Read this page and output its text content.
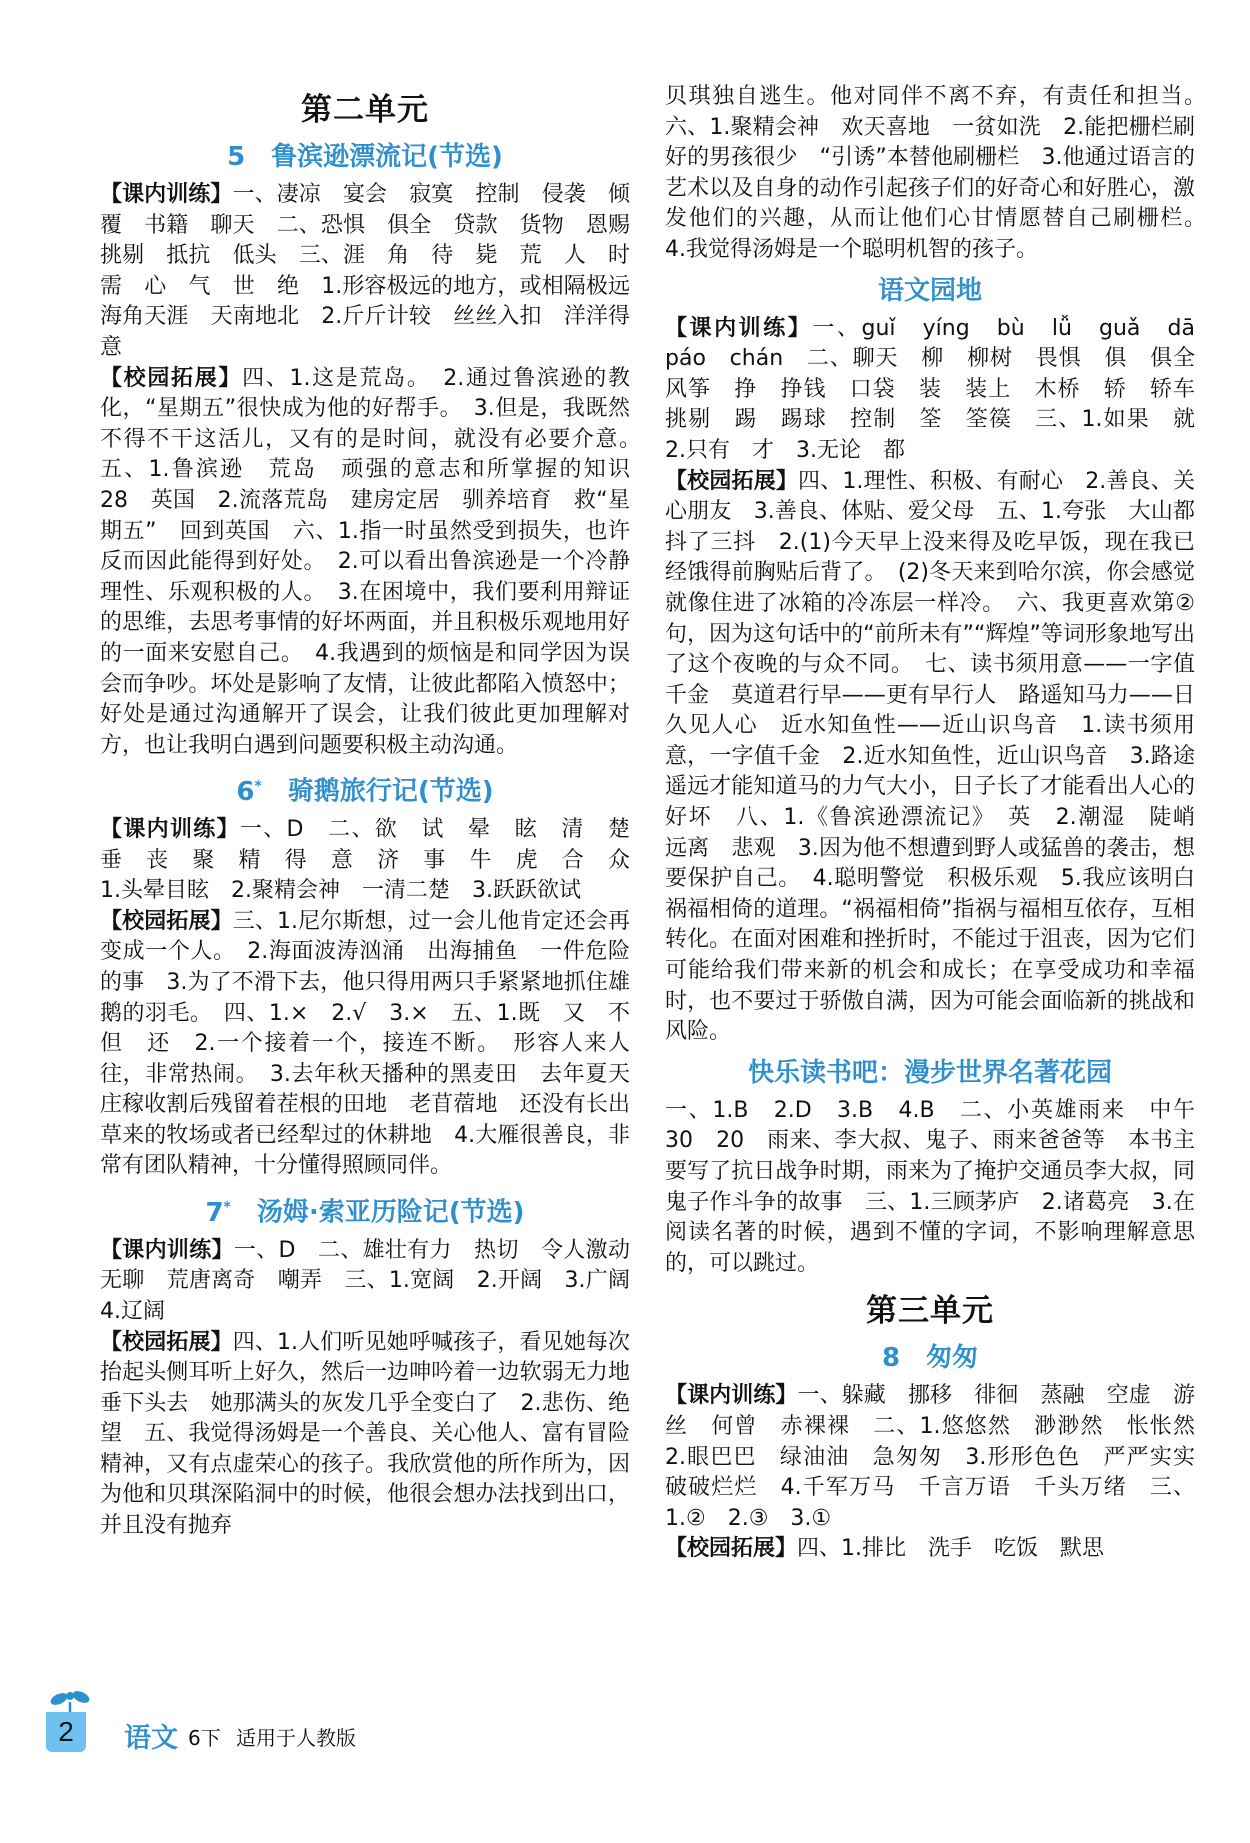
第二单元
5 鲁滨逊漂流记(节选)

【课内训练】一、凄凉　宴会　寂寞　控制　侵袭　倾覆　书籍　聊天　二、恐惧　俱全　贷款　货物　恩赐　挑剔　抵抗　低头　三、涯　角　待　毙　荒　人　时　需　心　气　世　绝　1.形容极远的地方，或相隔极远　海角天涯　天南地北　2.斤斤计较　丝丝入扣　洋洋得意

【校园拓展】四、1.这是荒岛。　2.通过鲁滨逊的教化，“星期五”很快成为他的好帮手。　3.但是，我既然不得不干这活儿，又有的是时间，就没有必要介意。　五、1.鲁滨逊　荒岛　顽强的意志和所掌握的知识　28　英国　2.流落荒岛　建房定居　驯养培育　救“星期五”　回到英国　六、1.指一时虽然受到损失，也许反而因此能得到好处。　2.可以看出鲁滨逊是一个冷静理性、乐观积极的人。　3.在困境中，我们要利用辩证的思维，去思考事情的好坏两面，并且积极乐观地用好的一面来安慰自己。　4.我遇到的烦恼是和同学因为误会而争吵。坏处是影响了友情，让彼此都陷入愤怒中；好处是通过沟通解开了误会，让我们彼此更加理解对方，也让我明白遇到问题要积极主动沟通。

6* 骑鹅旅行记(节选)

【课内训练】一、D　二、欲　试　晕　眩　清　楚　垂　丧　聚　精　得　意　济　事　牛　虎　合　众　1.头晕目眩　2.聚精会神　一清二楚　3.跃跃欲试

【校园拓展】三、1.尼尔斯想，过一会儿他肯定还会再变成一个人。　2.海面波涛汹涌　出海捕鱼　一件危险的事　3.为了不滑下去，他只得用两只手紧紧地抓住雄鹅的羽毛。　四、1.×　2.√　3.×　五、1.既　又　不但　还　2.一个接着一个，接连不断。　形容人来人往，非常热闹。　3.去年秋天播种的黑麦田　去年夏天庄稼收割后残留着茬根的田地　老苜蓿地　还没有长出草来的牧场或者已经犁过的休耕地　4.大雁很善良，非常有团队精神，十分懂得照顾同伴。

7* 汤姆·索亚历险记(节选)

【课内训练】一、D　二、雄壮有力　热切　令人激动　无聊　荒唐离奇　嘲弄　三、1.宽阔　2.开阔　3.广阔　4.辽阔

【校园拓展】四、1.人们听见她呼喊孩子，看见她每次抬起头侧耳听上好久，然后一边呻吟着一边软弱无力地垂下头去　她那满头的灰发几乎全变白了　2.悲伤、绝望　五、我觉得汤姆是一个善良、关心他人、富有冒险精神，又有点虚荣心的孩子。我欣赏他的所作所为，因为他和贝琪深陷洞中的时候，他很会想办法找到出口，并且没有抛弃

贝琪独自逃生。他对同伴不离不弃，有责任和担当。　六、1.聚精会神　欢天喜地　一贫如洗　2.能把栅栏刷好的男孩很少　“引诱”本替他刷栅栏　3.他通过语言的艺术以及自身的动作引起孩子们的好奇心和好胜心，激发他们的兴趣，从而让他们心甘情愿替自己刷栅栏。　4.我觉得汤姆是一个聪明机智的孩子。

语文园地

【课内训练】一、guǐ　yíng　bù　lǚ　guǎ　dā　páo　chán　二、聊天　柳　柳树　畏惧　俱　俱全　风筝　挣　挣钱　口袋　装　装上　木桥　轿　轿车　挑剔　踢　踢球　控制　筌　筌篌　三、1.如果　就　2.只有　才　3.无论　都

【校园拓展】四、1.理性、积极、有耐心　2.善良、关心朋友　3.善良、体贴、爱父母　五、1.夸张　大山都抖了三抖　2.(1)今天早上没来得及吃早饭，现在我已经饿得前胸贴后背了。　(2)冬天来到哈尔滨，你会感觉就像住进了冰箱的冷冻层一样冷。　六、我更喜欢第②句，因为这句话中的“前所未有”“辉煌”等词形象地写出了这个夜晚的与众不同。　七、读书须用意——一字值千金　莫道君行早——更有早行人　路遥知马力——日久见人心　近水知鱼性——近山识鸟音　1.读书须用意，一字值千金　2.近水知鱼性，近山识鸟音　3.路途遥远才能知道马的力气大小，日子长了才能看出人心的好坏　八、1.《鲁滨逊漂流记》　英　2.潮湿　陡峭　远离　悲观　3.因为他不想遭到野人或猛兽的袭击，想要保护自己。　4.聪明警觉　积极乐观　5.我应该明白祸福相倚的道理。“祸福相倚”指祸与福相互依存，互相转化。在面对困难和挫折时，不能过于沮丧，因为它们可能给我们带来新的机会和成长；在享受成功和幸福时，也不要过于骄傲自满，因为可能会面临新的挑战和风险。

快乐读书吧：漫步世界名著花园

一、1.B　2.D　3.B　4.B　二、小英雄雨来　中午　30　20　雨来、李大叔、鬼子、雨来爸爸等　本书主要写了抗日战争时期，雨来为了掩护交通员李大叔，同鬼子作斗争的故事　三、1.三顾茅庐　2.诸葛亮　3.在阅读名著的时候，遇到不懂的字词，不影响理解意思的，可以跳过。

第三单元
8 匆匆

【课内训练】一、躲藏　挪移　徘徊　蒸融　空虚　游丝　何曾　赤裸裸　二、1.悠悠然　渺渺然　怅怅然　2.眼巴巴　绿油油　急匆匆　3.形形色色　严严实实　破破烂烂　4.千军万马　千言万语　千头万绪　三、1.②　2.③　3.①

【校园拓展】四、1.排比　洗手　吃饭　默思

2	语文 6下 适用于人教版
